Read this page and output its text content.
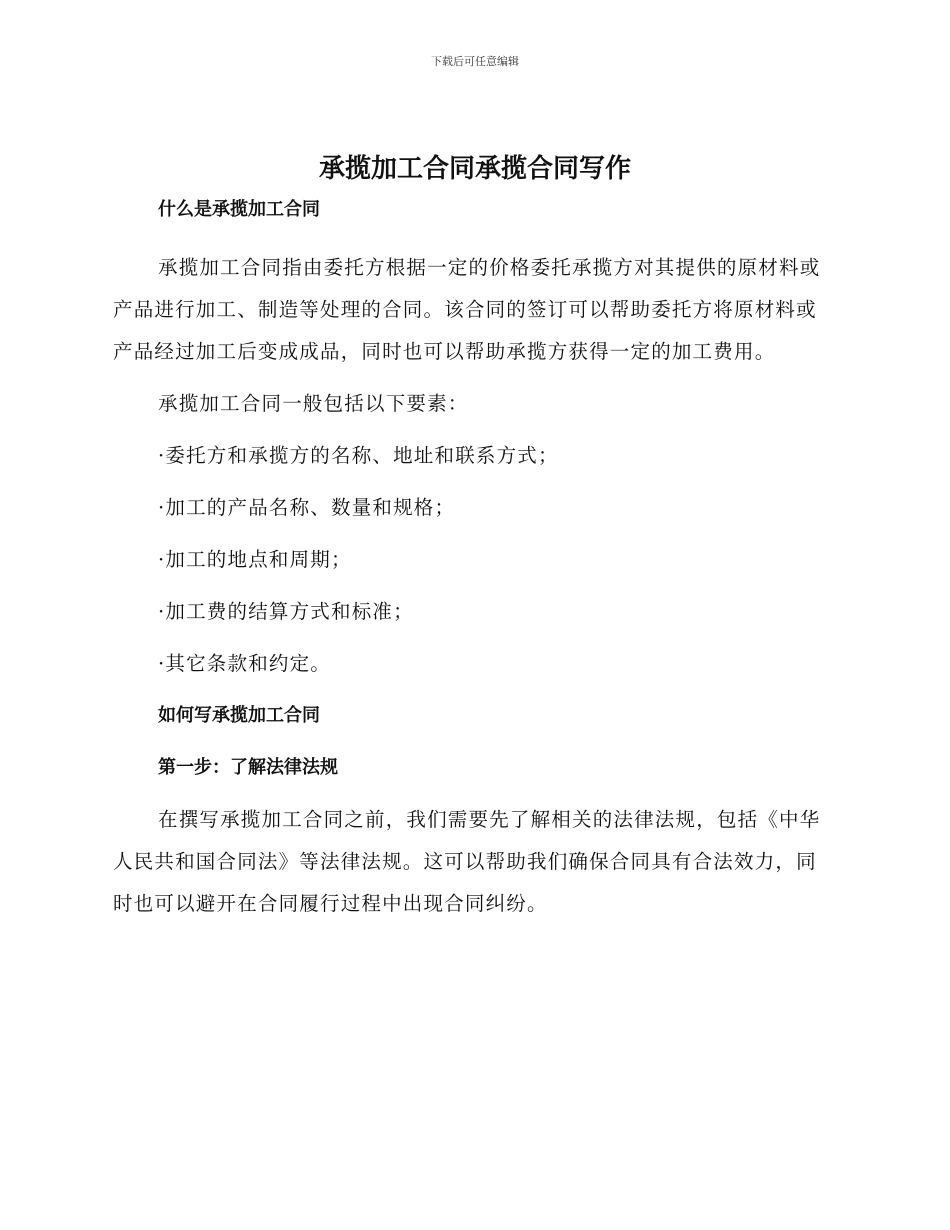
下载后可任意编辑
承揽加工合同承揽合同写作
什么是承揽加工合同

承揽加工合同指由委托方根据一定的价格委托承揽方对其提供的原材料或产品进行加工、制造等处理的合同。该合同的签订可以帮助委托方将原材料或产品经过加工后变成成品，同时也可以帮助承揽方获得一定的加工费用。

承揽加工合同一般包括以下要素：

·委托方和承揽方的名称、地址和联系方式；
·加工的产品名称、数量和规格；
·加工的地点和周期；
·加工费的结算方式和标准；
·其它条款和约定。
如何写承揽加工合同
第一步：了解法律法规

在撰写承揽加工合同之前，我们需要先了解相关的法律法规，包括《中华人民共和国合同法》等法律法规。这可以帮助我们确保合同具有合法效力，同时也可以避开在合同履行过程中出现合同纠纷。
